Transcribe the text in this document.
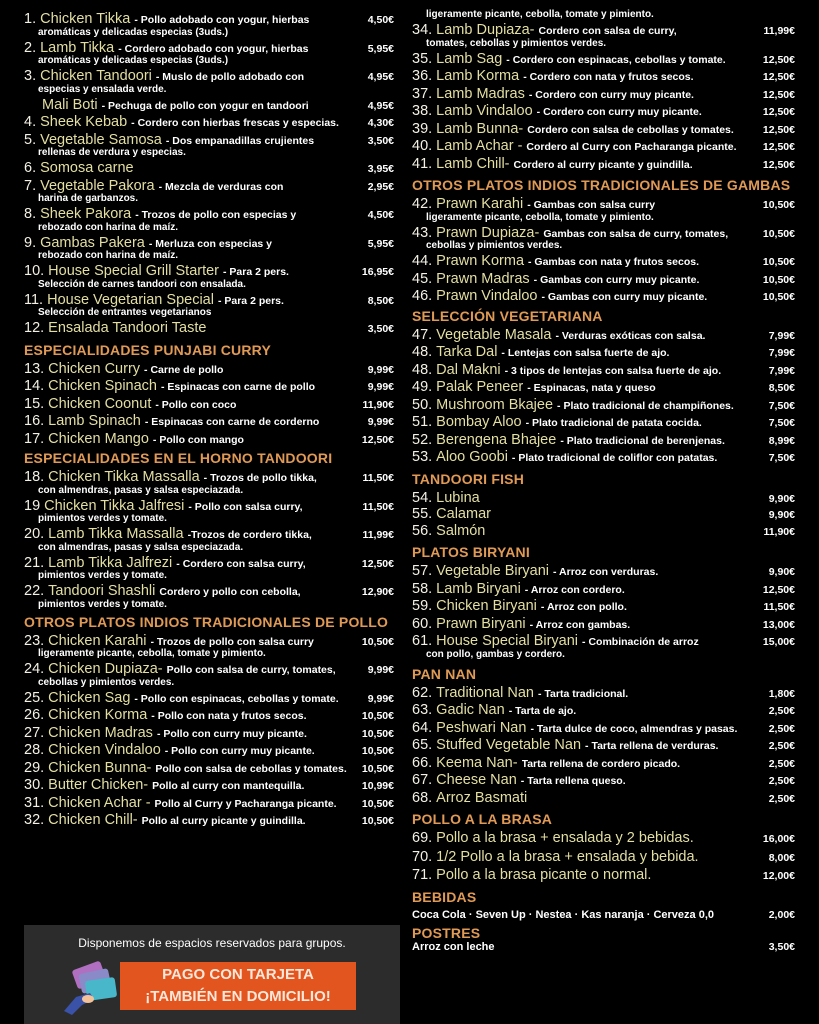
1. Chicken Tikka - Pollo adobado con yogur, hierbas	4,50€
aromáticas y delicadas especias (3uds.)
2. Lamb Tikka - Cordero adobado con yogur, hierbas	5,95€
aromáticas y delicadas especias (3uds.)
3. Chicken Tandoori - Muslo de pollo adobado con	4,95€
especias y ensalada verde.
Mali Boti - Pechuga de pollo con yogur en tandoori	4,95€
4. Sheek Kebab - Cordero con hierbas frescas y especias.	4,30€
5. Vegetable Samosa - Dos empanadillas crujientes	3,50€
rellenas de verdura y especias.
6. Somosa carne	3,95€
7. Vegetable Pakora - Mezcla de verduras con	2,95€
harina de garbanzos.
8. Sheek Pakora - Trozos de pollo con especias y	4,50€
rebozado con harina de maíz.
9. Gambas Pakera - Merluza con especias y	5,95€
rebozado con harina de maíz.
10. House Special Grill Starter - Para 2 pers.	16,95€
Selección de carnes tandoori con ensalada.
11. House Vegetarian Special - Para 2 pers.	8,50€
Selección de entrantes vegetarianos
12. Ensalada Tandoori Taste	3,50€
ESPECIALIDADES PUNJABI CURRY
13. Chicken Curry - Carne de pollo	9,99€
14. Chicken Spinach - Espinacas con carne de pollo	9,99€
15. Chicken Coonut - Pollo con coco	11,90€
16. Lamb Spinach - Espinacas con carne de corderno	9,99€
17. Chicken Mango - Pollo con mango	12,50€
ESPECIALIDADES EN EL HORNO TANDOORI
18. Chicken Tikka Massalla - Trozos de pollo tikka,	11,50€
con almendras, pasas y salsa especiazada.
19 Chicken Tikka Jalfresi - Pollo con salsa curry,	11,50€
pimientos verdes y tomate.
20. Lamb Tikka Massalla -Trozos de cordero tikka,	11,99€
con almendras, pasas y salsa especiazada.
21. Lamb Tikka Jalfrezi - Cordero con salsa curry,	12,50€
pimientos verdes y tomate.
22. Tandoori Shashli Cordero y pollo con cebolla,	12,90€
pimientos verdes y tomate.
OTROS PLATOS INDIOS TRADICIONALES DE POLLO
23. Chicken Karahi - Trozos de pollo con salsa curry	10,50€
ligeramente picante, cebolla, tomate y pimiento.
24. Chicken Dupiaza- Pollo con salsa de curry, tomates,	9,99€
cebollas y pimientos verdes.
25. Chicken Sag - Pollo con espinacas, cebollas y tomate.	9,99€
26. Chicken Korma - Pollo con nata y frutos secos.	10,50€
27. Chicken Madras - Pollo con curry muy picante.	10,50€
28. Chicken Vindaloo - Pollo con curry muy picante.	10,50€
29. Chicken Bunna- Pollo con salsa de cebollas y tomates.	10,50€
30. Butter Chicken- Pollo al curry con mantequilla.	10,99€
31. Chicken Achar - Pollo al Curry y Pacharanga picante.	10,50€
32. Chicken Chill- Pollo al curry picante y guindilla.	10,50€
Disponemos de espacios reservados para grupos.
PAGO CON TARJETA
¡TAMBIÉN EN DOMICILIO!
ligeramente picante, cebolla, tomate y pimiento.
34. Lamb Dupiaza- Cordero con salsa de curry,	11,99€
tomates, cebollas y pimientos verdes.
35. Lamb Sag - Cordero con espinacas, cebollas y tomate.	12,50€
36. Lamb Korma - Cordero con nata y frutos secos.	12,50€
37. Lamb Madras - Cordero con curry muy picante.	12,50€
38. Lamb Vindaloo - Cordero con curry muy picante.	12,50€
39. Lamb Bunna- Cordero con salsa de cebollas y tomates.	12,50€
40. Lamb Achar - Cordero al Curry con Pacharanga picante.	12,50€
41. Lamb Chill- Cordero al curry picante y guindilla.	12,50€
OTROS PLATOS INDIOS TRADICIONALES DE GAMBAS
42. Prawn Karahi - Gambas con salsa curry	10,50€
ligeramente picante, cebolla, tomate y pimiento.
43. Prawn Dupiaza- Gambas con salsa de curry, tomates,	10,50€
cebollas y pimientos verdes.
44. Prawn Korma - Gambas con nata y frutos secos.	10,50€
45. Prawn Madras - Gambas con curry muy picante.	10,50€
46. Prawn Vindaloo - Gambas con curry muy picante.	10,50€
SELECCIÓN VEGETARIANA
47. Vegetable Masala - Verduras exóticas con salsa.	7,99€
48. Tarka Dal - Lentejas con salsa fuerte de ajo.	7,99€
48. Dal Makni - 3 tipos de lentejas con salsa fuerte de ajo.	7,99€
49. Palak Peneer - Espinacas, nata y queso	8,50€
50. Mushroom Bkajee - Plato tradicional de champiñones.	7,50€
51. Bombay Aloo - Plato tradicional de patata cocida.	7,50€
52. Berengena Bhajee - Plato tradicional de berenjenas.	8,99€
53. Aloo Goobi - Plato tradicional de coliflor con patatas.	7,50€
TANDOORI FISH
54. Lubina	9,90€
55. Calamar	9,90€
56. Salmón	11,90€
PLATOS BIRYANI
57. Vegetable Biryani - Arroz con verduras.	9,90€
58. Lamb Biryani - Arroz con cordero.	12,50€
59. Chicken Biryani - Arroz con pollo.	11,50€
60. Prawn Biryani - Arroz con gambas.	13,00€
61. House Special Biryani - Combinación de arroz	15,00€
con pollo, gambas y cordero.
PAN NAN
62. Traditional Nan - Tarta tradicional.	1,80€
63. Gadic Nan - Tarta de ajo.	2,50€
64. Peshwari Nan - Tarta dulce de coco, almendras y pasas.	2,50€
65. Stuffed Vegetable Nan - Tarta rellena de verduras.	2,50€
66. Keema Nan- Tarta rellena de cordero picado.	2,50€
67. Cheese Nan - Tarta rellena queso.	2,50€
68. Arroz Basmati	2,50€
POLLO A LA BRASA
69. Pollo a la brasa + ensalada y 2 bebidas.	16,00€
70. 1/2 Pollo a la brasa + ensalada y bebida.	8,00€
71. Pollo a la brasa picante o normal.	12,00€
BEBIDAS
Coca Cola · Seven Up · Nestea · Kas naranja · Cerveza 0,0	2,00€
POSTRES
Arroz con leche	3,50€
